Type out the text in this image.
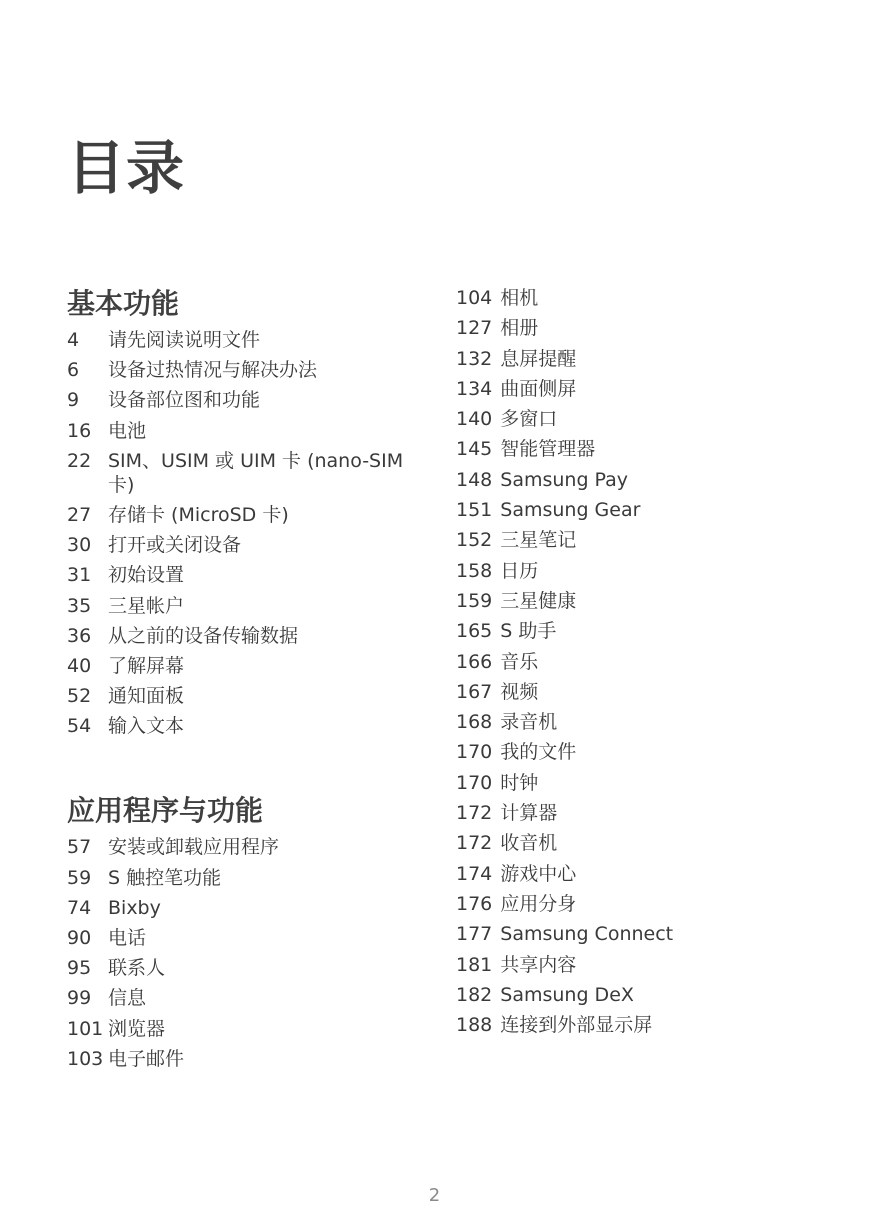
目录
基本功能
4	请先阅读说明文件
6	设备过热情况与解决办法
9	设备部位图和功能
16 电池
22 SIM、USIM 或 UIM 卡 (nano-SIM 卡)
27 存储卡 (MicroSD 卡)
30 打开或关闭设备
31 初始设置
35 三星帐户
36 从之前的设备传输数据
40 了解屏幕
52 通知面板
54 输入文本
应用程序与功能
57 安装或卸载应用程序
59 S 触控笔功能
74 Bixby
90 电话
95 联系人
99 信息
101 浏览器
103 电子邮件
104 相机
127 相册
132 息屏提醒
134 曲面侧屏
140 多窗口
145 智能管理器
148 Samsung Pay
151 Samsung Gear
152 三星笔记
158 日历
159 三星健康
165 S 助手
166 音乐
167 视频
168 录音机
170 我的文件
170 时钟
172 计算器
172 收音机
174 游戏中心
176 应用分身
177 Samsung Connect
181 共享内容
182 Samsung DeX
188 连接到外部显示屏
2
